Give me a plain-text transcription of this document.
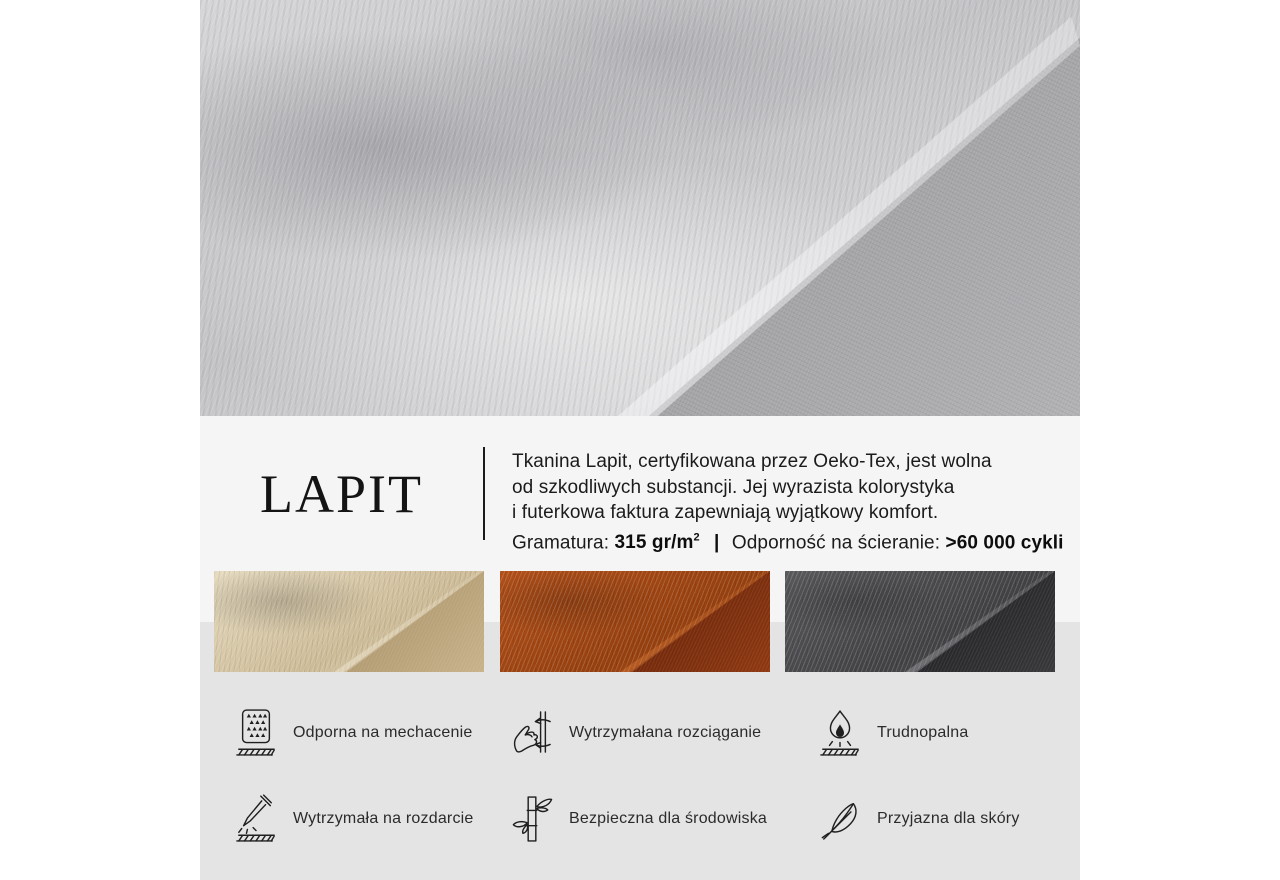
LAPIT
Tkanina Lapit, certyfikowana przez Oeko-Tex, jest wolna
od szkodliwych substancji. Jej wyrazista kolorystyka
i futerkowa faktura zapewniają wyjątkowy komfort.
Gramatura: 315 $gr/m^2$ | Odporność na ścieranie: >60 000 cykli
Odporna na mechacenie	Wytrzymałana rozciąganie	Trudnopalna
Wytrzymała na rozdarcie	Bezpieczna dla środowiska	Przyjazna dla skóry
